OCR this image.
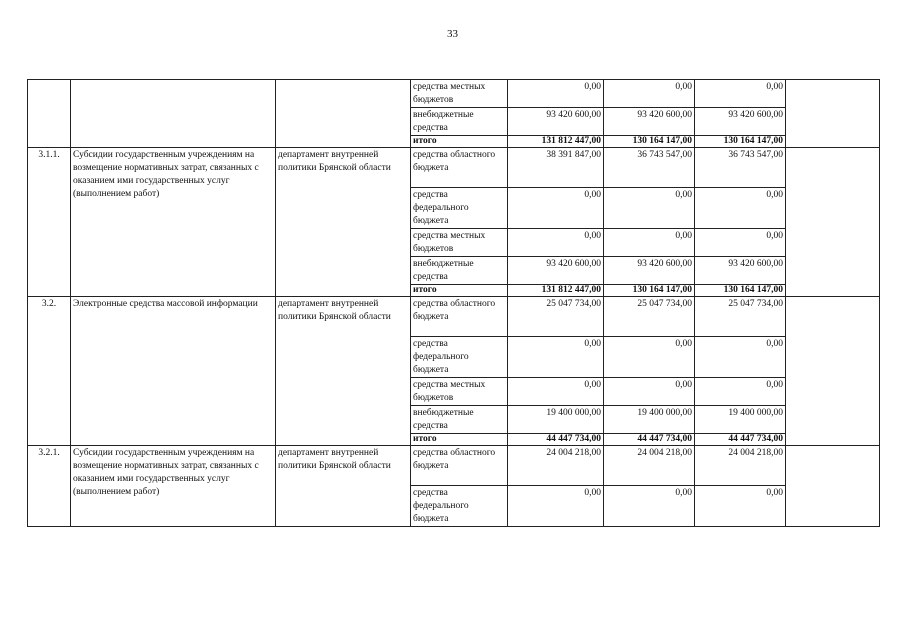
33
			средства местных бюджетов	0,00	0,00	0,00	
			внебюджетные средства	93 420 600,00	93 420 600,00	93 420 600,00	
			итого	131 812 447,00	130 164 147,00	130 164 147,00	
3.1.1.	Субсидии государственным учреждениям на возмещение нормативных затрат, связанных с оказанием ими государственных услуг (выполнением работ)	департамент внутренней политики Брянской области	средства областного бюджета	38 391 847,00	36 743 547,00	36 743 547,00	
			средства федерального бюджета	0,00	0,00	0,00	
			средства местных бюджетов	0,00	0,00	0,00	
			внебюджетные средства	93 420 600,00	93 420 600,00	93 420 600,00	
			итого	131 812 447,00	130 164 147,00	130 164 147,00	
3.2.	Электронные средства массовой информации	департамент внутренней политики Брянской области	средства областного бюджета	25 047 734,00	25 047 734,00	25 047 734,00	
			средства федерального бюджета	0,00	0,00	0,00	
			средства местных бюджетов	0,00	0,00	0,00	
			внебюджетные средства	19 400 000,00	19 400 000,00	19 400 000,00	
			итого	44 447 734,00	44 447 734,00	44 447 734,00	
3.2.1.	Субсидии государственным учреждениям на возмещение нормативных затрат, связанных с оказанием ими государственных услуг (выполнением работ)	департамент внутренней политики Брянской области	средства областного бюджета	24 004 218,00	24 004 218,00	24 004 218,00	
			средства федерального бюджета	0,00	0,00	0,00	
